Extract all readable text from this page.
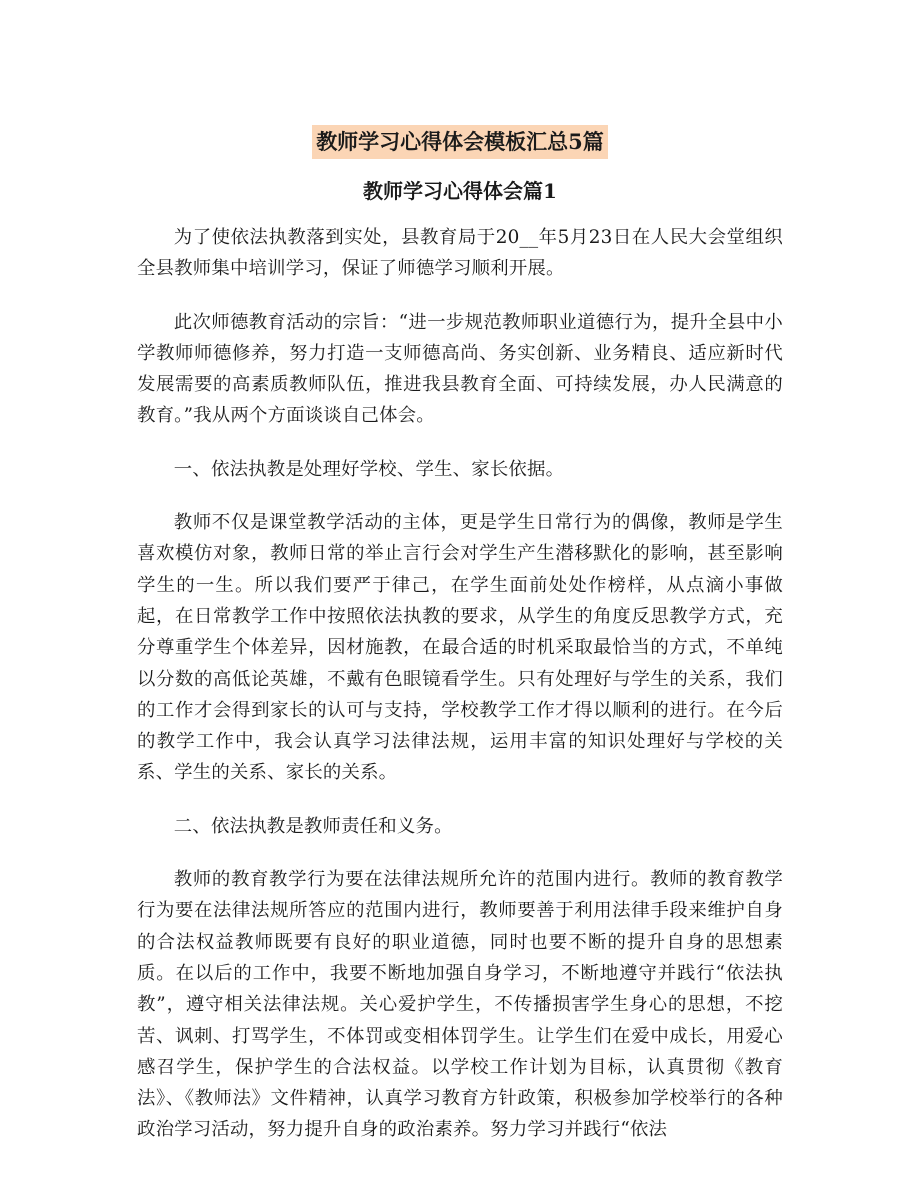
教师学习心得体会模板汇总5篇
教师学习心得体会篇1

为了使依法执教落到实处，县教育局于20__年5月23日在人民大会堂组织全县教师集中培训学习，保证了师德学习顺利开展。

此次师德教育活动的宗旨：“进一步规范教师职业道德行为，提升全县中小学教师师德修养，努力打造一支师德高尚、务实创新、业务精良、适应新时代发展需要的高素质教师队伍，推进我县教育全面、可持续发展，办人民满意的教育。”我从两个方面谈谈自己体会。

一、依法执教是处理好学校、学生、家长依据。

教师不仅是课堂教学活动的主体，更是学生日常行为的偶像，教师是学生喜欢模仿对象，教师日常的举止言行会对学生产生潜移默化的影响，甚至影响学生的一生。所以我们要严于律己，在学生面前处处作榜样，从点滴小事做起，在日常教学工作中按照依法执教的要求，从学生的角度反思教学方式，充分尊重学生个体差异，因材施教，在最合适的时机采取最恰当的方式，不单纯以分数的高低论英雄，不戴有色眼镜看学生。只有处理好与学生的关系，我们的工作才会得到家长的认可与支持，学校教学工作才得以顺利的进行。在今后的教学工作中，我会认真学习法律法规，运用丰富的知识处理好与学校的关系、学生的关系、家长的关系。

二、依法执教是教师责任和义务。

教师的教育教学行为要在法律法规所允许的范围内进行。教师的教育教学行为要在法律法规所答应的范围内进行，教师要善于利用法律手段来维护自身的合法权益教师既要有良好的职业道德，同时也要不断的提升自身的思想素质。在以后的工作中，我要不断地加强自身学习，不断地遵守并践行“依法执教”，遵守相关法律法规。关心爱护学生，不传播损害学生身心的思想，不挖苦、讽刺、打骂学生，不体罚或变相体罚学生。让学生们在爱中成长，用爱心感召学生，保护学生的合法权益。以学校工作计划为目标，认真贯彻《教育法》、《教师法》文件精神，认真学习教育方针政策，积极参加学校举行的各种政治学习活动，努力提升自身的政治素养。努力学习并践行“依法
